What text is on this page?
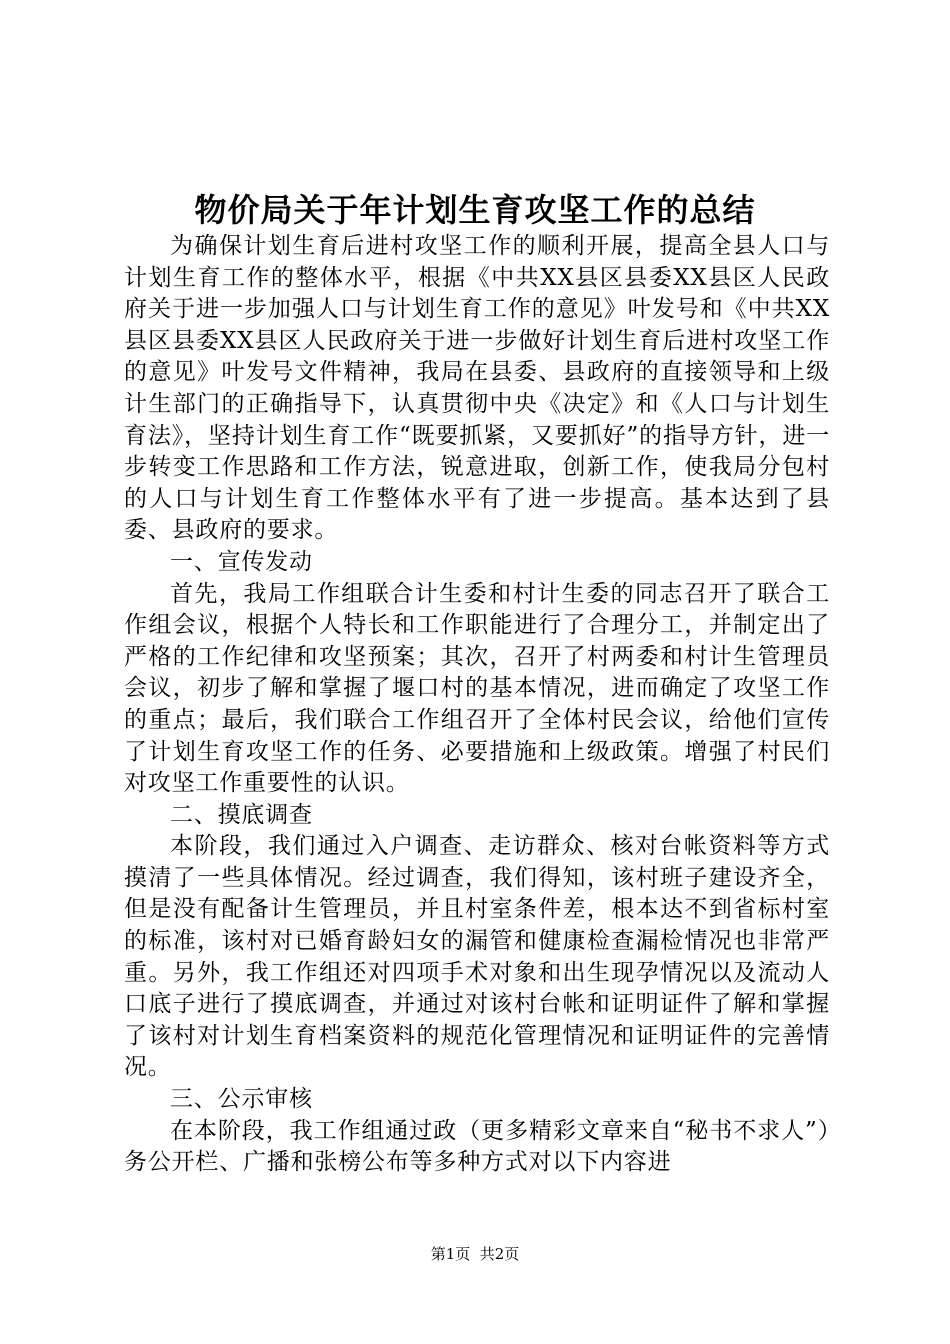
物价局关于年计划生育攻坚工作的总结

为确保计划生育后进村攻坚工作的顺利开展，提高全县人口与计划生育工作的整体水平，根据《中共XX县区县委XX县区人民政府关于进一步加强人口与计划生育工作的意见》叶发号和《中共XX县区县委XX县区人民政府关于进一步做好计划生育后进村攻坚工作的意见》叶发号文件精神，我局在县委、县政府的直接领导和上级计生部门的正确指导下，认真贯彻中央《决定》和《人口与计划生育法》，坚持计划生育工作“既要抓紧，又要抓好”的指导方针，进一步转变工作思路和工作方法，锐意进取，创新工作，使我局分包村的人口与计划生育工作整体水平有了进一步提高。基本达到了县委、县政府的要求。

一、宣传发动

首先，我局工作组联合计生委和村计生委的同志召开了联合工作组会议，根据个人特长和工作职能进行了合理分工，并制定出了严格的工作纪律和攻坚预案；其次，召开了村两委和村计生管理员会议，初步了解和掌握了堰口村的基本情况，进而确定了攻坚工作的重点；最后，我们联合工作组召开了全体村民会议，给他们宣传了计划生育攻坚工作的任务、必要措施和上级政策。增强了村民们对攻坚工作重要性的认识。

二、摸底调查

本阶段，我们通过入户调查、走访群众、核对台帐资料等方式摸清了一些具体情况。经过调查，我们得知，该村班子建设齐全，但是没有配备计生管理员，并且村室条件差，根本达不到省标村室的标准，该村对已婚育龄妇女的漏管和健康检查漏检情况也非常严重。另外，我工作组还对四项手术对象和出生现孕情况以及流动人口底子进行了摸底调查，并通过对该村台帐和证明证件了解和掌握了该村对计划生育档案资料的规范化管理情况和证明证件的完善情况。

三、公示审核

在本阶段，我工作组通过政（更多精彩文章来自“秘书不求人”）务公开栏、广播和张榜公布等多种方式对以下内容进

第1页  共2页
